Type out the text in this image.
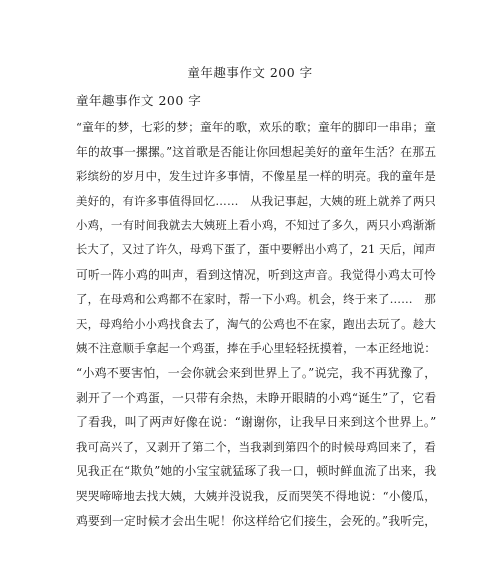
童年趣事作文 200 字
童年趣事作文 200 字
“童年的梦，七彩的梦；童年的歌，欢乐的歌；童年的脚印一串串；童
年的故事一摞摞。”这首歌是否能让你回想起美好的童年生活？在那五
彩缤纷的岁月中，发生过许多事情，不像星星一样的明亮。我的童年是
美好的，有许多事值得回忆……　从我记事起，大姨的班上就养了两只
小鸡，一有时间我就去大姨班上看小鸡，不知过了多久，两只小鸡渐渐
长大了，又过了许久，母鸡下蛋了，蛋中要孵出小鸡了，21 天后，闻声
可听一阵小鸡的叫声，看到这情况，听到这声音。我觉得小鸡太可怜
了，在母鸡和公鸡都不在家时，帮一下小鸡。机会，终于来了……　那
天，母鸡给小小鸡找食去了，淘气的公鸡也不在家，跑出去玩了。趁大
姨不注意顺手拿起一个鸡蛋，捧在手心里轻轻抚摸着，一本正经地说：
“小鸡不要害怕，一会你就会来到世界上了。”说完，我不再犹豫了，
剥开了一个鸡蛋，一只带有余热，未睁开眼睛的小鸡“诞生”了，它看
了看我，叫了两声好像在说：“谢谢你，让我早日来到这个世界上。”
我可高兴了，又剥开了第二个，当我剥到第四个的时候母鸡回来了，看
见我正在“欺负”她的小宝宝就猛琢了我一口，顿时鲜血流了出来，我
哭哭啼啼地去找大姨，大姨并没说我，反而哭笑不得地说：“小傻瓜，
鸡要到一定时候才会出生呢！你这样给它们接生，会死的。”我听完，
